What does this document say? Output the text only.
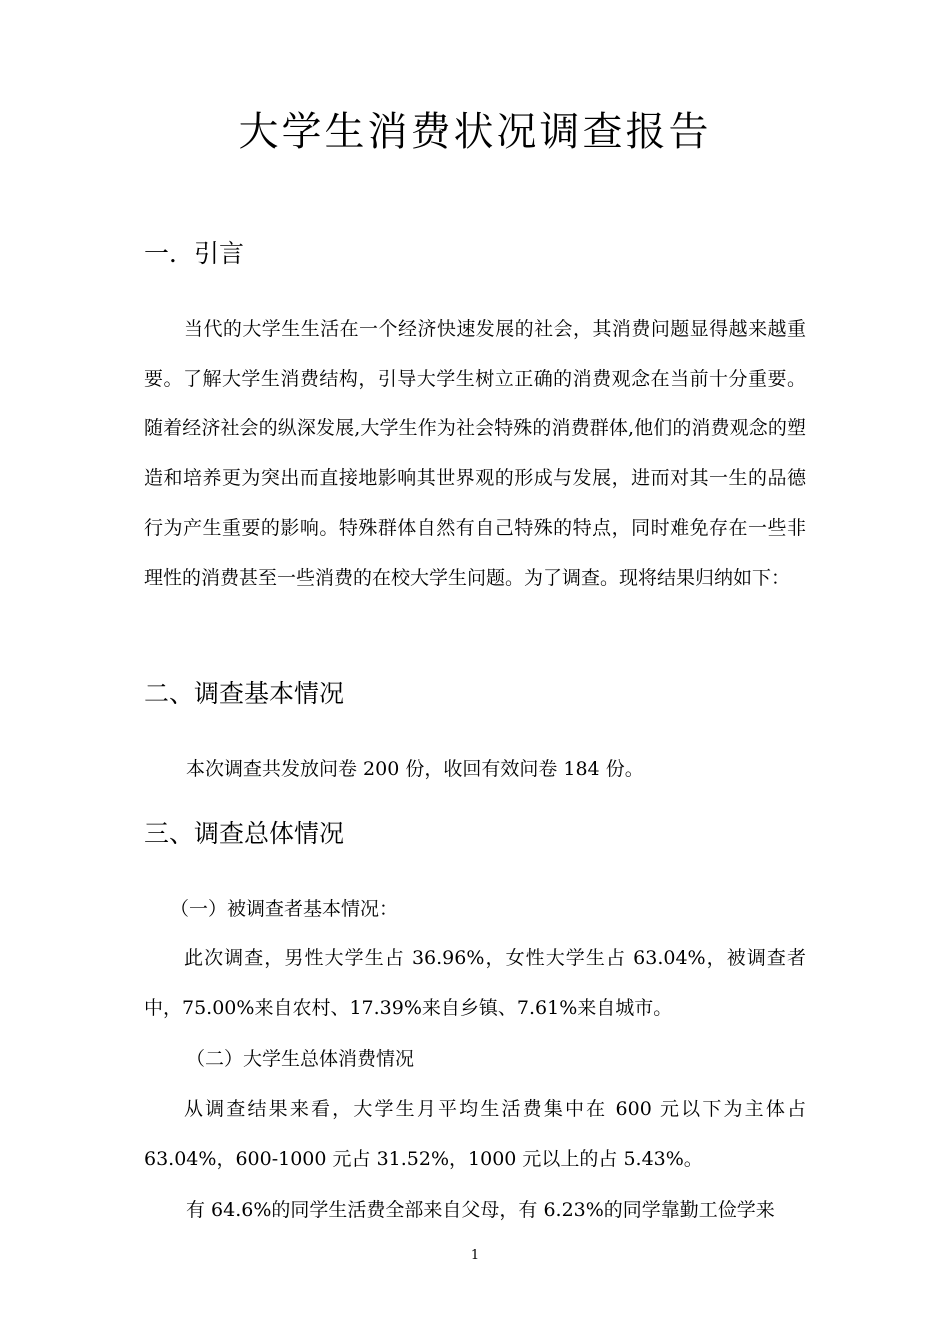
大学生消费状况调查报告
一．引言

当代的大学生生活在一个经济快速发展的社会，其消费问题显得越来越重要。了解大学生消费结构，引导大学生树立正确的消费观念在当前十分重要。随着经济社会的纵深发展,大学生作为社会特殊的消费群体,他们的消费观念的塑造和培养更为突出而直接地影响其世界观的形成与发展，进而对其一生的品德行为产生重要的影响。特殊群体自然有自己特殊的特点，同时难免存在一些非理性的消费甚至一些消费的在校大学生问题。为了调查。现将结果归纳如下：

二、调查基本情况
本次调查共发放问卷 200 份，收回有效问卷 184 份。
三、调查总体情况
（一）被调查者基本情况：

此次调查，男性大学生占 36.96%，女性大学生占 63.04%，被调查者中，75.00%来自农村、17.39%来自乡镇、7.61%来自城市。

（二）大学生总体消费情况

从调查结果来看，大学生月平均生活费集中在 600 元以下为主体占 63.04%，600-1000 元占 31.52%，1000 元以上的占 5.43%。

有 64.6%的同学生活费全部来自父母，有 6.23%的同学靠勤工俭学来
1
